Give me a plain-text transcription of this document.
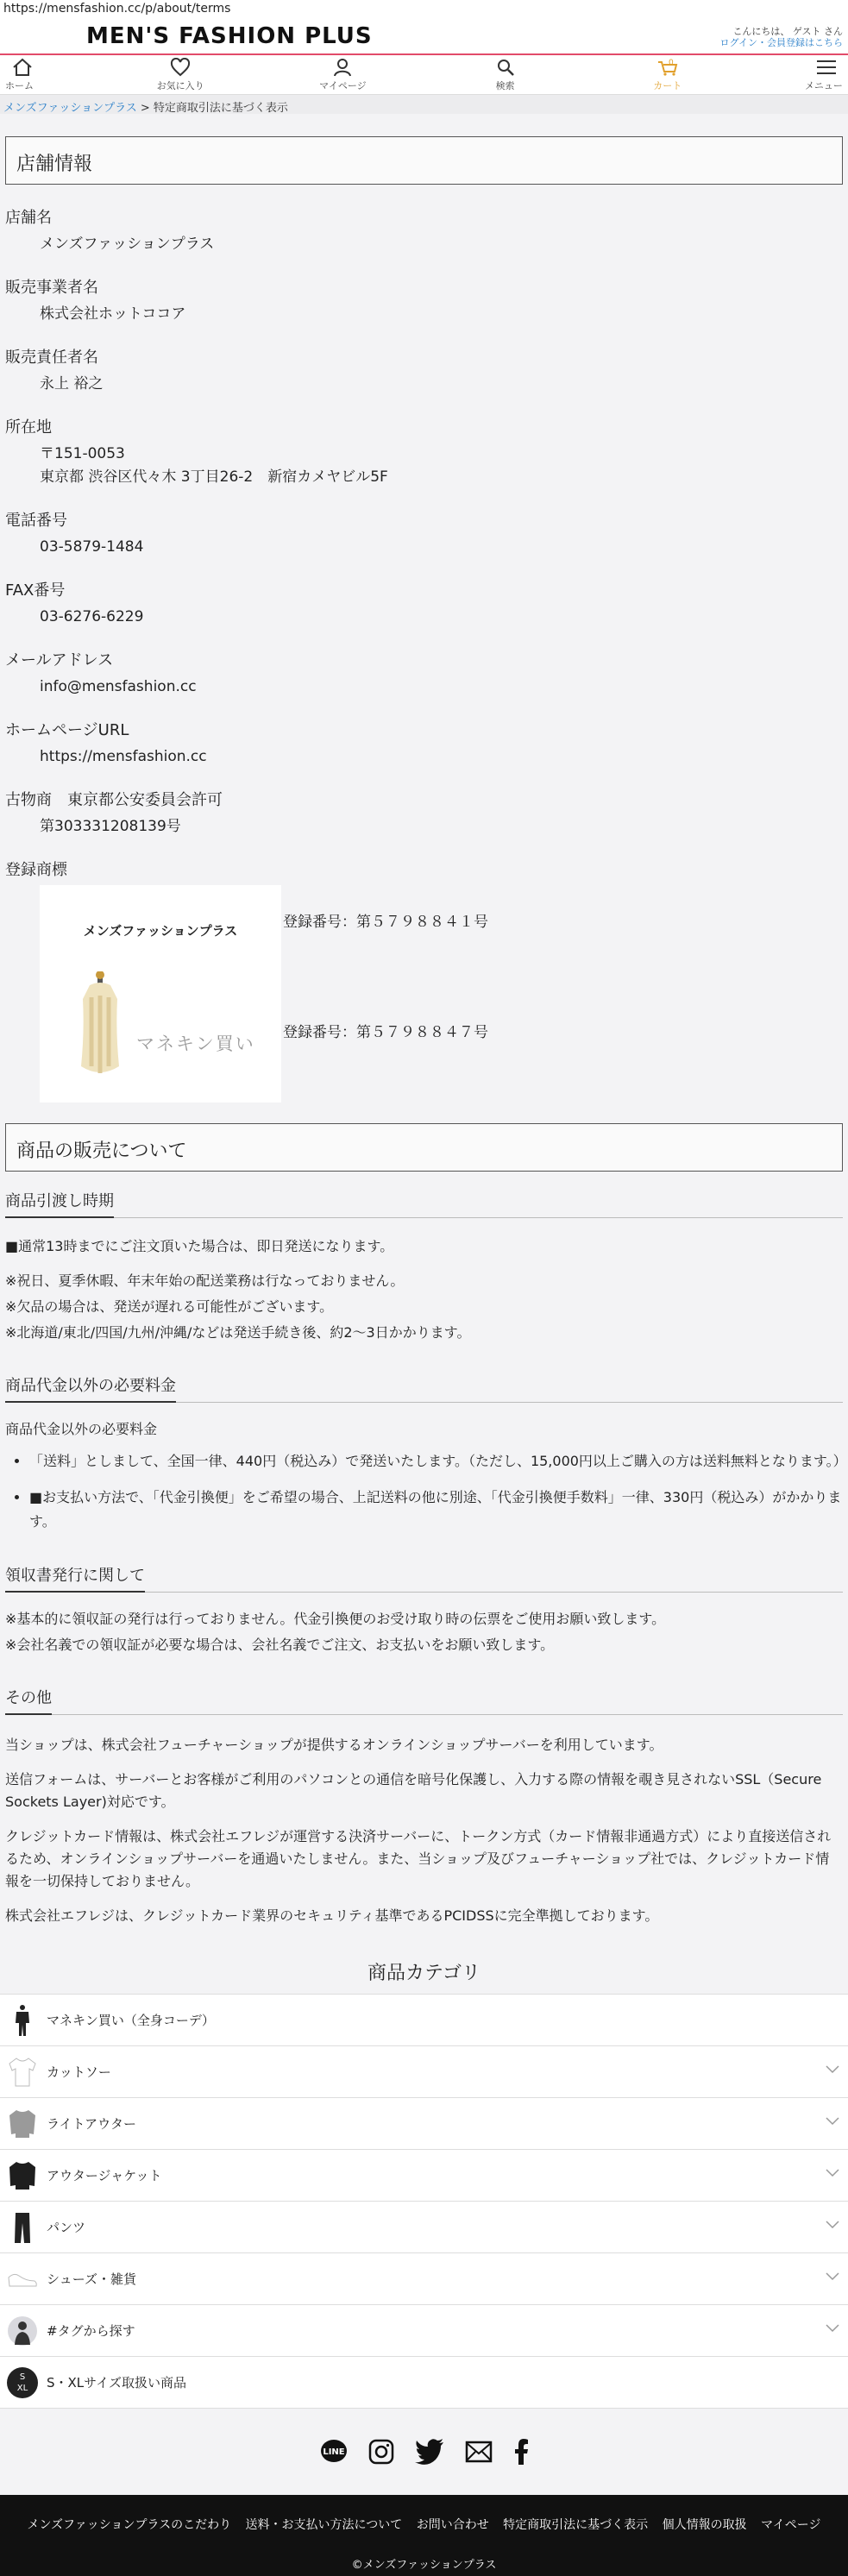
https://mensfashion.cc/p/about/terms
MEN'S FASHION PLUS	こんにちは、 ゲスト さん
ログイン・会員登録はこちら
ホーム	お気に入り	マイページ	検索
0
カート	メニュー
メンズファッションプラス > 特定商取引法に基づく表示
店舗情報
店舗名
メンズファッションプラス
販売事業者名
株式会社ホットココア
販売責任者名
永上 裕之
所在地
〒151-0053
東京都 渋谷区代々木 3丁目26-2　新宿カメヤビル5F
電話番号
03-5879-1484
FAX番号
03-6276-6229
メールアドレス
info@mensfashion.cc
ホームページURL
https://mensfashion.cc
古物商　東京都公安委員会許可
第303331208139号
登録商標
メンズファッションプラス
マネキン買い
登録番号：第５７９８８４１号
登録番号：第５７９８８４７号
商品の販売について
商品引渡し時期
■通常13時までにご注文頂いた場合は、即日発送になります。
※祝日、夏季休暇、年末年始の配送業務は行なっておりません。
※欠品の場合は、発送が遅れる可能性がございます。
※北海道/東北/四国/九州/沖縄/などは発送手続き後、約2〜3日かかります。
商品代金以外の必要料金
商品代金以外の必要料金
• 「送料」としまして、全国一律、440円（税込み）で発送いたします。（ただし、15,000円以上ご購入の方は送料無料となります。）
• ■お支払い方法で、「代金引換便」をご希望の場合、上記送料の他に別途、「代金引換便手数料」一律、330円（税込み）がかかります。
領収書発行に関して
※基本的に領収証の発行は行っておりません。代金引換便のお受け取り時の伝票をご使用お願い致します。
※会社名義での領収証が必要な場合は、会社名義でご注文、お支払いをお願い致します。
その他
当ショップは、株式会社フューチャーショップが提供するオンラインショップサーバーを利用しています。
送信フォームは、サーバーとお客様がご利用のパソコンとの通信を暗号化保護し、入力する際の情報を覗き見されないSSL（Secure Sockets Layer)対応です。
クレジットカード情報は、株式会社エフレジが運営する決済サーバーに、トークン方式（カード情報非通過方式）により直接送信されるため、オンラインショップサーバーを通過いたしません。また、当ショップ及びフューチャーショップ社では、クレジットカード情報を一切保持しておりません。
株式会社エフレジは、クレジットカード業界のセキュリティ基準であるPCIDSSに完全準拠しております。
商品カテゴリ
マネキン買い（全身コーデ）
カットソー
ライトアウター
アウタージャケット
パンツ
シューズ・雑貨
#タグから探す
S
XL	S・XLサイズ取扱い商品
LINE
メンズファッションプラスのこだわり 送料・お支払い方法について お問い合わせ 特定商取引法に基づく表示 個人情報の取扱 マイページ
©メンズファッションプラス
